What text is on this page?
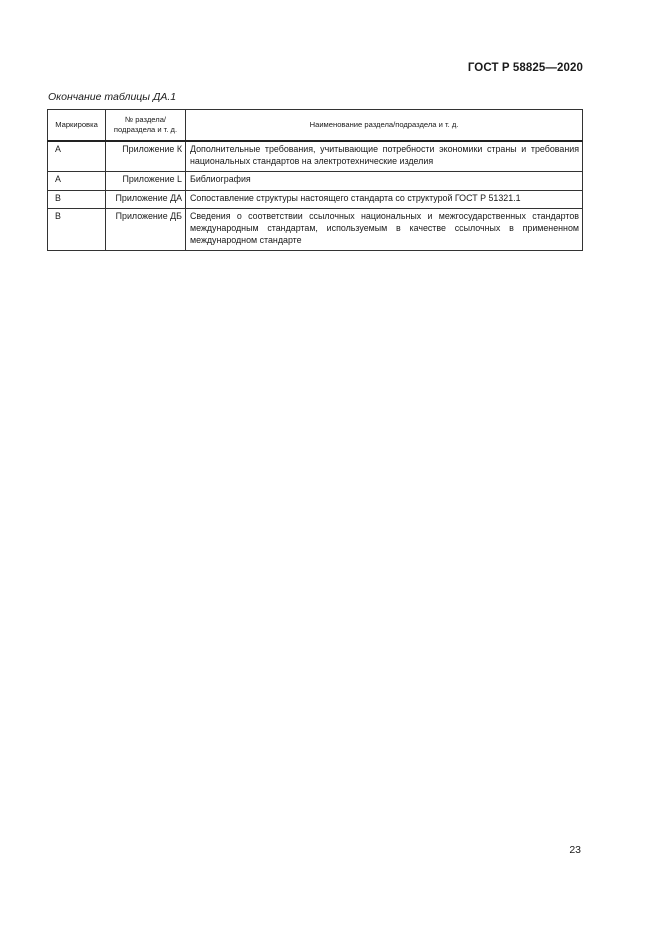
ГОСТ Р 58825—2020
Окончание таблицы ДА.1
Маркировка	№ раздела/ подраздела и т. д.	Наименование раздела/подраздела и т. д.
А	Приложение К	Дополнительные требования, учитывающие потребности экономики страны и требования национальных стандартов на электротехнические изделия
А	Приложение L	Библиография
В	Приложение ДА	Сопоставление структуры настоящего стандарта со структурой ГОСТ Р 51321.1
В	Приложение ДБ	Сведения о соответствии ссылочных национальных и межгосударственных стандартов международным стандартам, используемым в качестве ссылочных в примененном международном стандарте
23
